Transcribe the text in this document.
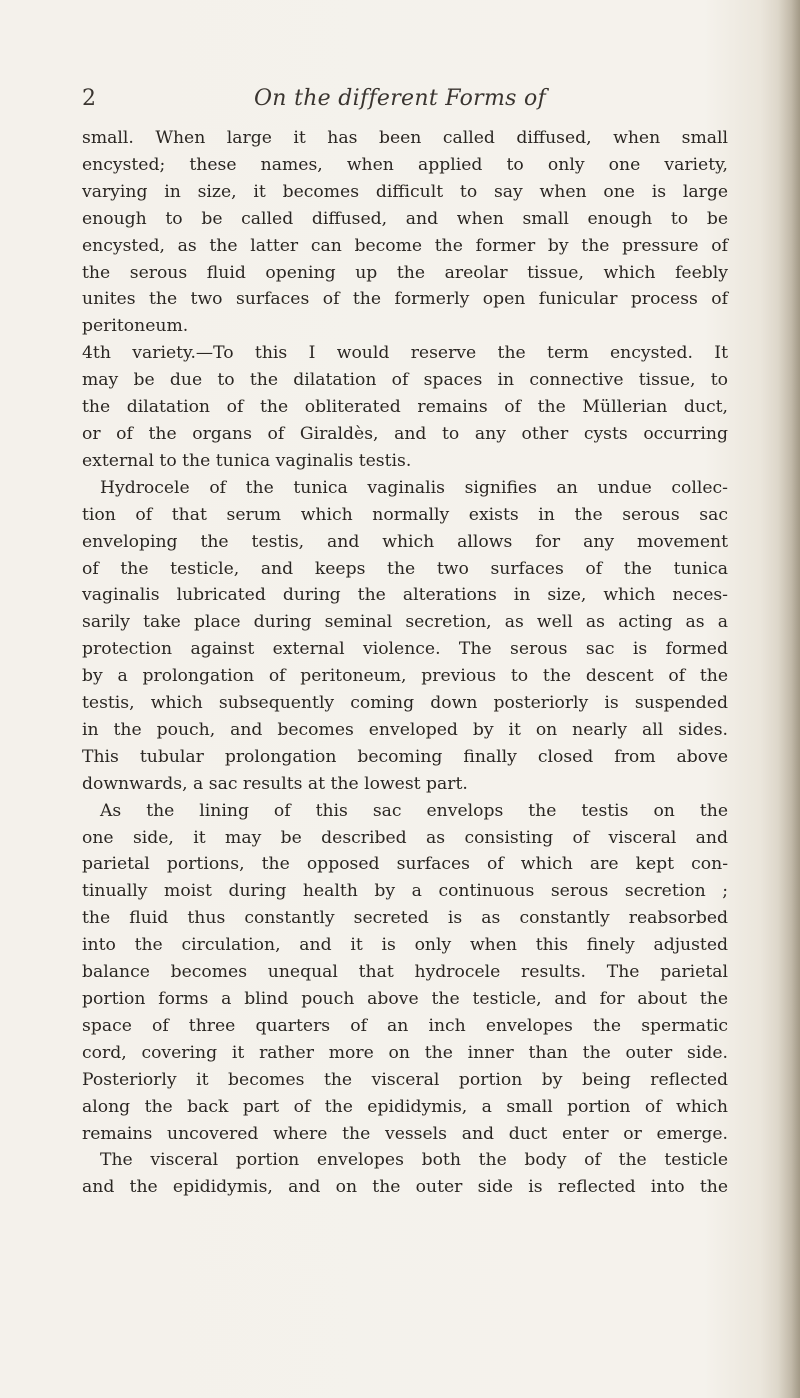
2	On the different Forms of
small. When large it has been called diffused, when small
encysted; these names, when applied to only one variety,
varying in size, it becomes difficult to say when one is large
enough to be called diffused, and when small enough to be
encysted, as the latter can become the former by the pressure of
the serous fluid opening up the areolar tissue, which feebly
unites the two surfaces of the formerly open funicular process of
peritoneum.
4th variety.—To this I would reserve the term encysted. It
may be due to the dilatation of spaces in connective tissue, to
the dilatation of the obliterated remains of the Müllerian duct,
or of the organs of Giraldès, and to any other cysts occurring
external to the tunica vaginalis testis.
Hydrocele of the tunica vaginalis signifies an undue collec-
tion of that serum which normally exists in the serous sac
enveloping the testis, and which allows for any movement
of the testicle, and keeps the two surfaces of the tunica
vaginalis lubricated during the alterations in size, which neces-
sarily take place during seminal secretion, as well as acting as a
protection against external violence. The serous sac is formed
by a prolongation of peritoneum, previous to the descent of the
testis, which subsequently coming down posteriorly is suspended
in the pouch, and becomes enveloped by it on nearly all sides.
This tubular prolongation becoming finally closed from above
downwards, a sac results at the lowest part.
As the lining of this sac envelops the testis on the
one side, it may be described as consisting of visceral and
parietal portions, the opposed surfaces of which are kept con-
tinually moist during health by a continuous serous secretion ;
the fluid thus constantly secreted is as constantly reabsorbed
into the circulation, and it is only when this finely adjusted
balance becomes unequal that hydrocele results. The parietal
portion forms a blind pouch above the testicle, and for about the
space of three quarters of an inch envelopes the spermatic
cord, covering it rather more on the inner than the outer side.
Posteriorly it becomes the visceral portion by being reflected
along the back part of the epididymis, a small portion of which
remains uncovered where the vessels and duct enter or emerge.
The visceral portion envelopes both the body of the testicle
and the epididymis, and on the outer side is reflected into the
